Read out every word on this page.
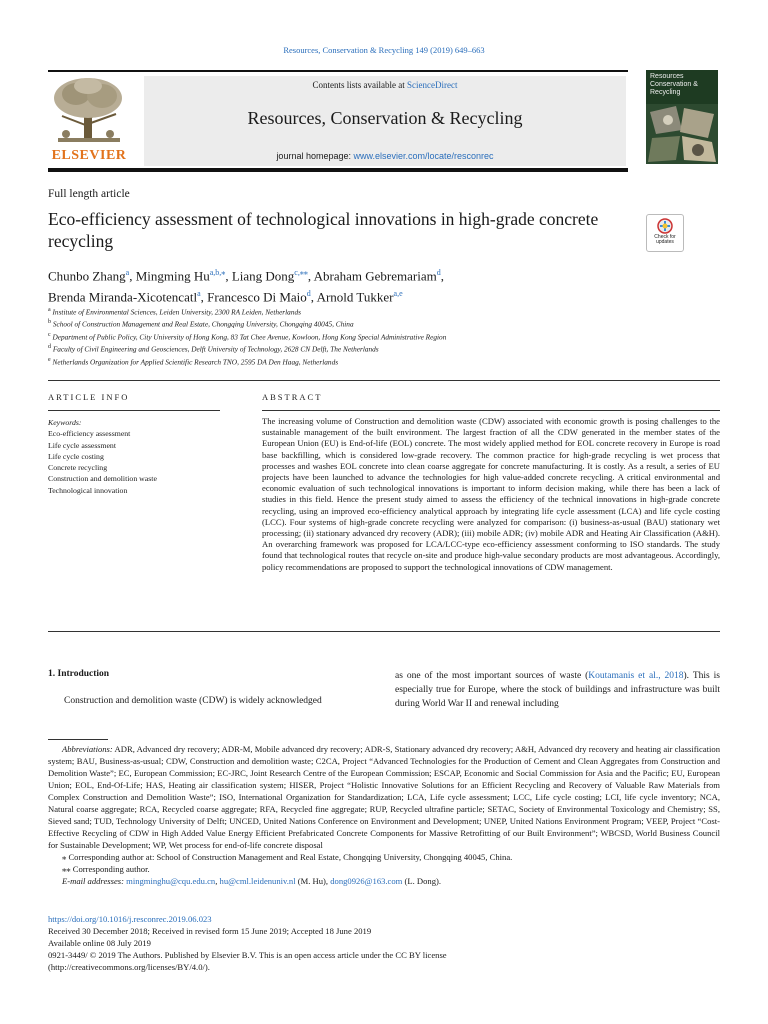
Resources, Conservation & Recycling 149 (2019) 649–663
ELSEVIER
Contents lists available at ScienceDirect
Resources, Conservation & Recycling
journal homepage: www.elsevier.com/locate/resconrec
Resources Conservation & Recycling
Full length article
Eco-efficiency assessment of technological innovations in high-grade concrete recycling	Check for updates
Chunbo Zhang$^a$, Mingming $Hu^{a,b,⁎}$, Liang Dong$^{c,⁎⁎}$, Abraham Gebremariam$^d$,
Brenda Miranda-Xicotencatl$^a$, Francesco Di Maio$^d$, Arnold Tukker$^{a,e}$
$^a$ Institute of Environmental Sciences, Leiden University, 2300 RA Leiden, Netherlands
$^b$ School of Construction Management and Real Estate, Chongqing University, Chongqing 40045, China
$^c$ Department of Public Policy, City University of Hong Kong, 83 Tat Chee Avenue, Kowloon, Hong Kong Special Administrative Region
$^d$ Faculty of Civil Engineering and Geosciences, Delft University of Technology, 2628 CN Delft, The Netherlands
$^e$ Netherlands Organization for Applied Scientific Research TNO, 2595 DA Den Haag, Netherlands
ARTICLE INFO	ABSTRACT
Keywords:
Eco-efficiency assessment
Life cycle assessment
Life cycle costing
Concrete recycling
Construction and demolition waste
Technological innovation
The increasing volume of Construction and demolition waste (CDW) associated with economic growth is posing challenges to the sustainable management of the built environment. The largest fraction of all the CDW generated in the member states of the European Union (EU) is End-of-life (EOL) concrete. The most widely applied method for EOL concrete recovery in Europe is road base backfilling, which is considered low-grade recovery. The common practice for high-grade recycling is wet process that processes and washes EOL concrete into clean coarse aggregate for concrete manufacturing. It is costly. As a result, a series of EU projects have been launched to advance the technologies for high value-added concrete recycling. A critical environmental and economic evaluation of such technological innovations is important to inform decision making, while there has been a lack of studies in this field. Hence the present study aimed to assess the efficiency of the technical innovations in high-grade concrete recycling, using an improved eco-efficiency analytical approach by integrating life cycle assessment (LCA) and life cycle costing (LCC). Four systems of high-grade concrete recycling were analyzed for comparison: (i) business-as-usual (BAU) stationary wet processing; (ii) stationary advanced dry recovery (ADR); (iii) mobile ADR; (iv) mobile ADR and Heating Air Classification (A&H). An overarching framework was proposed for LCA/LCC-type eco-efficiency assessment conforming to ISO standards. The study found that technological routes that recycle on-site and produce high-value secondary products are most advantageous. Accordingly, policy recommendations are proposed to support the technological innovations of CDW management.
1. Introduction
Construction and demolition waste (CDW) is widely acknowledged
as one of the most important sources of waste (Koutamanis et al., 2018). This is especially true for Europe, where the stock of buildings and infrastructure was built during World War II and renewal including

Abbreviations: ADR, Advanced dry recovery; ADR-M, Mobile advanced dry recovery; ADR-S, Stationary advanced dry recovery; A&H, Advanced dry recovery and heating air classification system; BAU, Business-as-usual; CDW, Construction and demolition waste; C2CA, Project “Advanced Technologies for the Production of Cement and Clean Aggregates from Construction and Demolition Waste”; EC, European Commission; EC-JRC, Joint Research Centre of the European Commission; ESCAP, Economic and Social Commission for Asia and the Pacific; EU, European Union; EOL, End-Of-Life; HAS, Heating air classification system; HISER, Project “Holistic Innovative Solutions for an Efficient Recycling and Recovery of Valuable Raw Materials from Complex Construction and Demolition Waste”; ISO, International Organization for Standardization; LCA, Life cycle assessment; LCC, Life cycle costing; LCI, life cycle inventory; NCA, Natural coarse aggregate; RCA, Recycled coarse aggregate; RFA, Recycled fine aggregate; RUP, Recycled ultrafine particle; SETAC, Society of Environmental Toxicology and Chemistry; SS, Sieved sand; TUD, Technology University of Delft; UNCED, United Nations Conference on Environment and Development; UNEP, United Nations Environment Program; VEEP, Project “Cost-Effective Recycling of CDW in High Added Value Energy Efficient Prefabricated Concrete Components for Massive Retrofitting of our Built Environment”; WBCSD, World Business Council for Sustainable Development; WP, Wet process for end-of-life concrete disposal

⁎ Corresponding author at: School of Construction Management and Real Estate, Chongqing University, Chongqing 40045, China.

⁎⁎ Corresponding author.

E-mail addresses: mingminghu@cqu.edu.cn, hu@cml.leidenuniv.nl (M. Hu), dong0926@163.com (L. Dong).

https://doi.org/10.1016/j.resconrec.2019.06.023
Received 30 December 2018; Received in revised form 15 June 2019; Accepted 18 June 2019
Available online 08 July 2019
0921-3449/ © 2019 The Authors. Published by Elsevier B.V. This is an open access article under the CC BY license
(http://creativecommons.org/licenses/BY/4.0/).
